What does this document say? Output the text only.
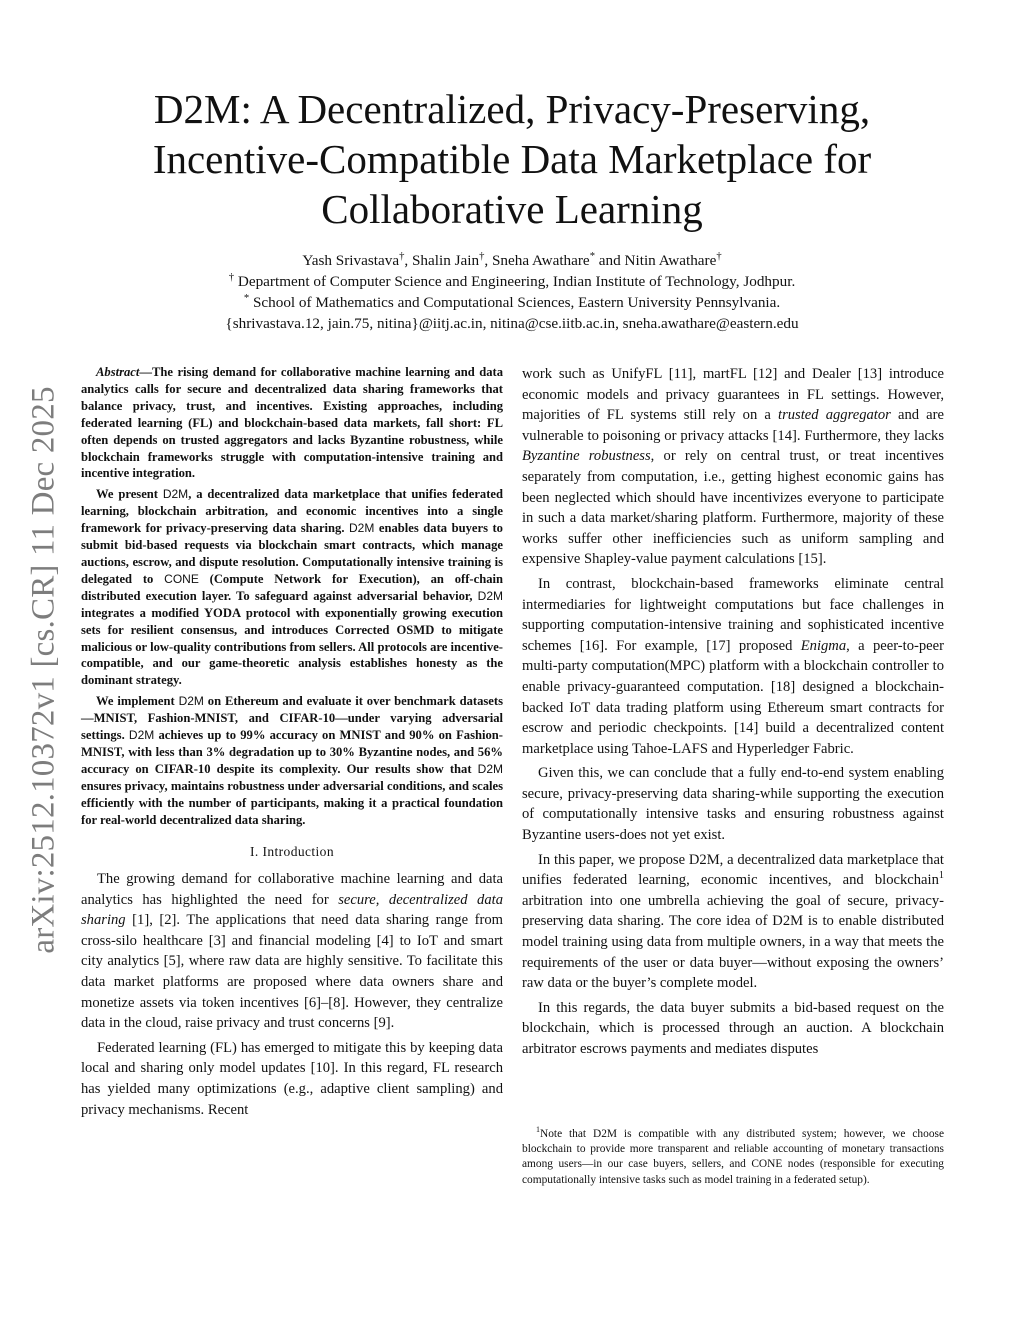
arXiv:2512.10372v1 [cs.CR] 11 Dec 2025
D2M: A Decentralized, Privacy-Preserving,
Incentive-Compatible Data Marketplace for
Collaborative Learning
Yash Srivastava†, Shalin Jain†, Sneha Awathare* and Nitin Awathare†
† Department of Computer Science and Engineering, Indian Institute of Technology, Jodhpur.
* School of Mathematics and Computational Sciences, Eastern University Pennsylvania.
{shrivastava.12, jain.75, nitina}@iitj.ac.in, nitina@cse.iitb.ac.in, sneha.awathare@eastern.edu

Abstract—The rising demand for collaborative machine learning and data analytics calls for secure and decentralized data sharing frameworks that balance privacy, trust, and incentives. Existing approaches, including federated learning (FL) and blockchain-based data markets, fall short: FL often depends on trusted aggregators and lacks Byzantine robustness, while blockchain frameworks struggle with computation-intensive training and incentive integration.

We present D2M, a decentralized data marketplace that unifies federated learning, blockchain arbitration, and economic incentives into a single framework for privacy-preserving data sharing. D2M enables data buyers to submit bid-based requests via blockchain smart contracts, which manage auctions, escrow, and dispute resolution. Computationally intensive training is delegated to CONE (Compute Network for Execution), an off-chain distributed execution layer. To safeguard against adversarial behavior, D2M integrates a modified YODA protocol with exponentially growing execution sets for resilient consensus, and introduces Corrected OSMD to mitigate malicious or low-quality contributions from sellers. All protocols are incentive-compatible, and our game-theoretic analysis establishes honesty as the dominant strategy.

We implement D2M on Ethereum and evaluate it over benchmark datasets—MNIST, Fashion-MNIST, and CIFAR-10—under varying adversarial settings. D2M achieves up to 99% accuracy on MNIST and 90% on Fashion-MNIST, with less than 3% degradation up to 30% Byzantine nodes, and 56% accuracy on CIFAR-10 despite its complexity. Our results show that D2M ensures privacy, maintains robustness under adversarial conditions, and scales efficiently with the number of participants, making it a practical foundation for real-world decentralized data sharing.

I. Introduction

The growing demand for collaborative machine learning and data analytics has highlighted the need for secure, decentralized data sharing [1], [2]. The applications that need data sharing range from cross-silo healthcare [3] and financial modeling [4] to IoT and smart city analytics [5], where raw data are highly sensitive. To facilitate this data market platforms are proposed where data owners share and monetize assets via token incentives [6]–[8]. However, they centralize data in the cloud, raise privacy and trust concerns [9].

Federated learning (FL) has emerged to mitigate this by keeping data local and sharing only model updates [10]. In this regard, FL research has yielded many optimizations (e.g., adaptive client sampling) and privacy mechanisms. Recent

work such as UnifyFL [11], martFL [12] and Dealer [13] introduce economic models and privacy guarantees in FL settings. However, majorities of FL systems still rely on a trusted aggregator and are vulnerable to poisoning or privacy attacks [14]. Furthermore, they lacks Byzantine robustness, or rely on central trust, or treat incentives separately from computation, i.e., getting highest economic gains has been neglected which should have incentivizes everyone to participate in such a data market/sharing platform. Furthermore, majority of these works suffer other inefficiencies such as uniform sampling and expensive Shapley-value payment calculations [15].

In contrast, blockchain-based frameworks eliminate central intermediaries for lightweight computations but face challenges in supporting computation-intensive training and sophisticated incentive schemes [16]. For example, [17] proposed Enigma, a peer-to-peer multi-party computation(MPC) platform with a blockchain controller to enable privacy-guaranteed computation. [18] designed a blockchain-backed IoT data trading platform using Ethereum smart contracts for escrow and periodic checkpoints. [14] build a decentralized content marketplace using Tahoe-LAFS and Hyperledger Fabric.

Given this, we can conclude that a fully end-to-end system enabling secure, privacy-preserving data sharing-while supporting the execution of computationally intensive tasks and ensuring robustness against Byzantine users-does not yet exist.

In this paper, we propose D2M, a decentralized data marketplace that unifies federated learning, economic incentives, and blockchain$^1$ arbitration into one umbrella achieving the goal of secure, privacy-preserving data sharing. The core idea of D2M is to enable distributed model training using data from multiple owners, in a way that meets the requirements of the user or data buyer—without exposing the owners’ raw data or the buyer’s complete model.

In this regards, the data buyer submits a bid-based request on the blockchain, which is processed through an auction. A blockchain arbitrator escrows payments and mediates disputes

$^1$Note that D2M is compatible with any distributed system; however, we choose blockchain to provide more transparent and reliable accounting of monetary transactions among users—in our case buyers, sellers, and CONE nodes (responsible for executing computationally intensive tasks such as model training in a federated setup).
